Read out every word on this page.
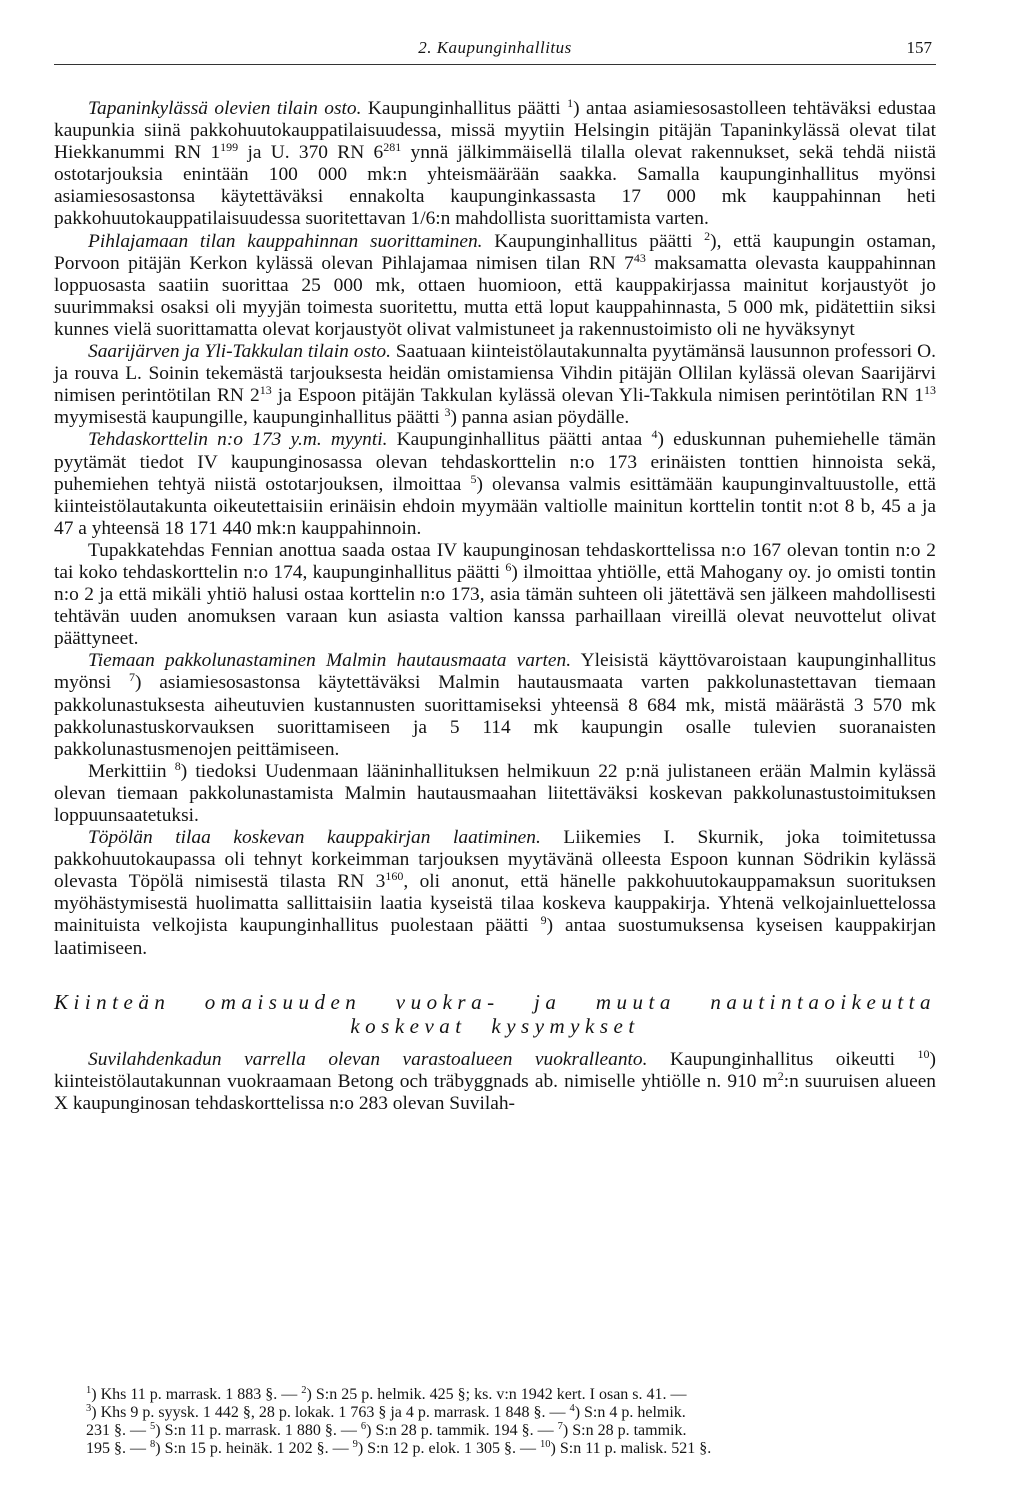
2. Kaupunginhallitus	157

Tapaninkylässä olevien tilain osto. Kaupunginhallitus päätti $^1$) antaa asiamiesosastolleen tehtäväksi edustaa kaupunkia siinä pakkohuutokauppatilaisuudessa, missä myytiin Helsingin pitäjän Tapaninkylässä olevat tilat Hiekkanummi RN $1^{199}$ ja U. 370 RN $6^{281}$ ynnä jälkimmäisellä tilalla olevat rakennukset, sekä tehdä niistä ostotarjouksia enintään 100 000 mk:n yhteismäärään saakka. Samalla kaupunginhallitus myönsi asiamiesosastonsa käytettäväksi ennakolta kaupunginkassasta 17 000 mk kauppahinnan heti pakkohuutokauppatilaisuudessa suoritettavan 1/6:n mahdollista suorittamista varten.

Pihlajamaan tilan kauppahinnan suorittaminen. Kaupunginhallitus päätti $^2$), että kaupungin ostaman, Porvoon pitäjän Kerkon kylässä olevan Pihlajamaa nimisen tilan RN $7^{43}$ maksamatta olevasta kauppahinnan loppuosasta saatiin suorittaa 25 000 mk, ottaen huomioon, että kauppakirjassa mainitut korjaustyöt jo suurimmaksi osaksi oli myyjän toimesta suoritettu, mutta että loput kauppahinnasta, 5 000 mk, pidätettiin siksi kunnes vielä suorittamatta olevat korjaustyöt olivat valmistuneet ja rakennustoimisto oli ne hyväksynyt

Saarijärven ja Yli-Takkulan tilain osto. Saatuaan kiinteistölautakunnalta pyytämänsä lausunnon professori O. ja rouva L. Soinin tekemästä tarjouksesta heidän omistamiensa Vihdin pitäjän Ollilan kylässä olevan Saarijärvi nimisen perintötilan RN $2^{13}$ ja Espoon pitäjän Takkulan kylässä olevan Yli-Takkula nimisen perintötilan RN $1^{13}$ myymisestä kaupungille, kaupunginhallitus päätti $^3$) panna asian pöydälle.

Tehdaskorttelin n:o 173 y.m. myynti. Kaupunginhallitus päätti antaa $^4$) eduskunnan puhemiehelle tämän pyytämät tiedot IV kaupunginosassa olevan tehdaskorttelin n:o 173 erinäisten tonttien hinnoista sekä, puhemiehen tehtyä niistä ostotarjouksen, ilmoittaa $^5$) olevansa valmis esittämään kaupunginvaltuustolle, että kiinteistölautakunta oikeutettaisiin erinäisin ehdoin myymään valtiolle mainitun korttelin tontit n:ot 8 b, 45 a ja 47 a yhteensä 18 171 440 mk:n kauppahinnoin.

Tupakkatehdas Fennian anottua saada ostaa IV kaupunginosan tehdaskorttelissa n:o 167 olevan tontin n:o 2 tai koko tehdaskorttelin n:o 174, kaupunginhallitus päätti $^6$) ilmoittaa yhtiölle, että Mahogany oy. jo omisti tontin n:o 2 ja että mikäli yhtiö halusi ostaa korttelin n:o 173, asia tämän suhteen oli jätettävä sen jälkeen mahdollisesti tehtävän uuden anomuksen varaan kun asiasta valtion kanssa parhaillaan vireillä olevat neuvottelut olivat päättyneet.

Tiemaan pakkolunastaminen Malmin hautausmaata varten. Yleisistä käyttövaroistaan kaupunginhallitus myönsi $^7$) asiamiesosastonsa käytettäväksi Malmin hautausmaata varten pakkolunastettavan tiemaan pakkolunastuksesta aiheutuvien kustannusten suorittamiseksi yhteensä 8 684 mk, mistä määrästä 3 570 mk pakkolunastuskorvauksen suorittamiseen ja 5 114 mk kaupungin osalle tulevien suoranaisten pakkolunastusmenojen peittämiseen.

Merkittiin $^8$) tiedoksi Uudenmaan lääninhallituksen helmikuun 22 p:nä julistaneen erään Malmin kylässä olevan tiemaan pakkolunastamista Malmin hautausmaahan liitettäväksi koskevan pakkolunastustoimituksen loppuunsaatetuksi.

Töpölän tilaa koskevan kauppakirjan laatiminen. Liikemies I. Skurnik, joka toimitetussa pakkohuutokaupassa oli tehnyt korkeimman tarjouksen myytävänä olleesta Espoon kunnan Södrikin kylässä olevasta Töpölä nimisestä tilasta RN $3^{160}$, oli anonut, että hänelle pakkohuutokauppamaksun suorituksen myöhästymisestä huolimatta sallittaisiin laatia kyseistä tilaa koskeva kauppakirja. Yhtenä velkojainluettelossa mainituista velkojista kaupunginhallitus puolestaan päätti $^9$) antaa suostumuksensa kyseisen kauppakirjan laatimiseen.

Kiinteän omaisuuden vuokra- ja muuta nautintaoikeutta
koskevat kysymykset

Suvilahdenkadun varrella olevan varastoalueen vuokralleanto. Kaupunginhallitus oikeutti $^{10}$) kiinteistölautakunnan vuokraamaan Betong och träbyggnads ab. nimiselle yhtiölle n. 910 $m^2:n$ suuruisen alueen X kaupunginosan tehdaskorttelissa n:o 283 olevan Suvilah-

$^1$) Khs 11 p. marrask. 1 883 §. — $^2$) S:n 25 p. helmik. 425 §; ks. v:n 1942 kert. I osan s. 41. —

$^3$) Khs 9 p. syysk. 1 442 §, 28 p. lokak. 1 763 § ja 4 p. marrask. 1 848 §. — $^4$) S:n 4 p. helmik.

231 §. — $^5$) S:n 11 p. marrask. 1 880 §. — $^6$) S:n 28 p. tammik. 194 §. — $^7$) S:n 28 p. tammik.

195 §. — $^8$) S:n 15 p. heinäk. 1 202 §. — $^9$) S:n 12 p. elok. 1 305 §. — $^{10}$) S:n 11 p. malisk. 521 §.
